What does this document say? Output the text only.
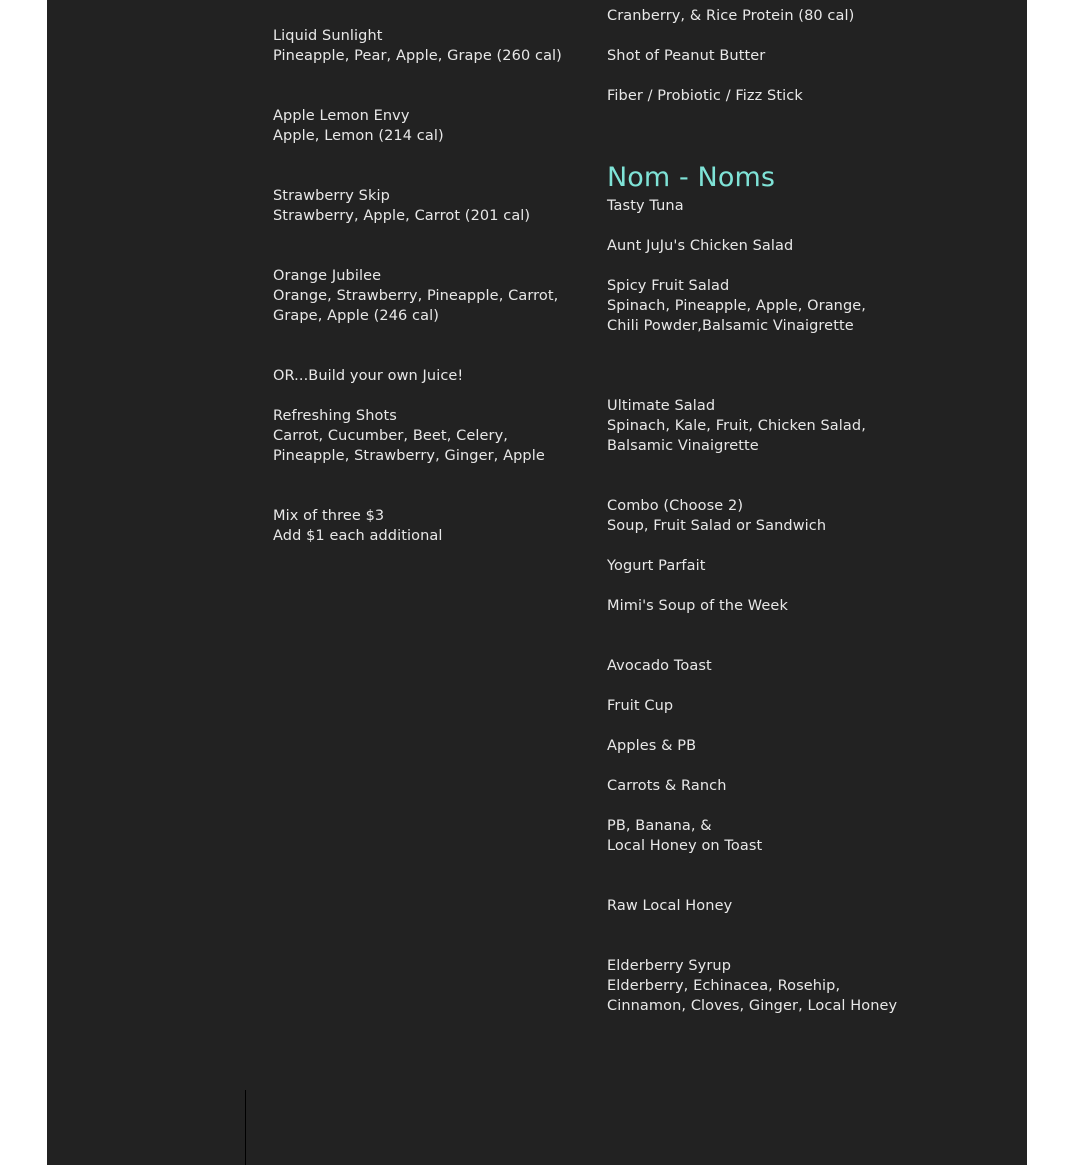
Liquid Sunlight
Pineapple, Pear, Apple, Grape (260 cal)
Apple Lemon Envy
Apple, Lemon (214 cal)
Strawberry Skip
Strawberry, Apple, Carrot (201 cal)
Orange Jubilee
Orange, Strawberry, Pineapple, Carrot,
Grape, Apple (246 cal)
OR...Build your own Juice!
Refreshing Shots
Carrot, Cucumber, Beet, Celery,
Pineapple, Strawberry, Ginger, Apple
Mix of three $3
Add $1 each additional
Cranberry, & Rice Protein (80 cal)
Shot of Peanut Butter
Fiber / Probiotic / Fizz Stick
Nom - Noms
Tasty Tuna
Aunt JuJu's Chicken Salad
Spicy Fruit Salad
Spinach, Pineapple, Apple, Orange,
Chili Powder,Balsamic Vinaigrette
Ultimate Salad
Spinach, Kale, Fruit, Chicken Salad,
Balsamic Vinaigrette
Combo (Choose 2)
Soup, Fruit Salad or Sandwich
Yogurt Parfait
Mimi's Soup of the Week
Avocado Toast
Fruit Cup
Apples & PB
Carrots & Ranch
PB, Banana, &
Local Honey on Toast
Raw Local Honey
Elderberry Syrup
Elderberry, Echinacea, Rosehip,
Cinnamon, Cloves, Ginger, Local Honey
